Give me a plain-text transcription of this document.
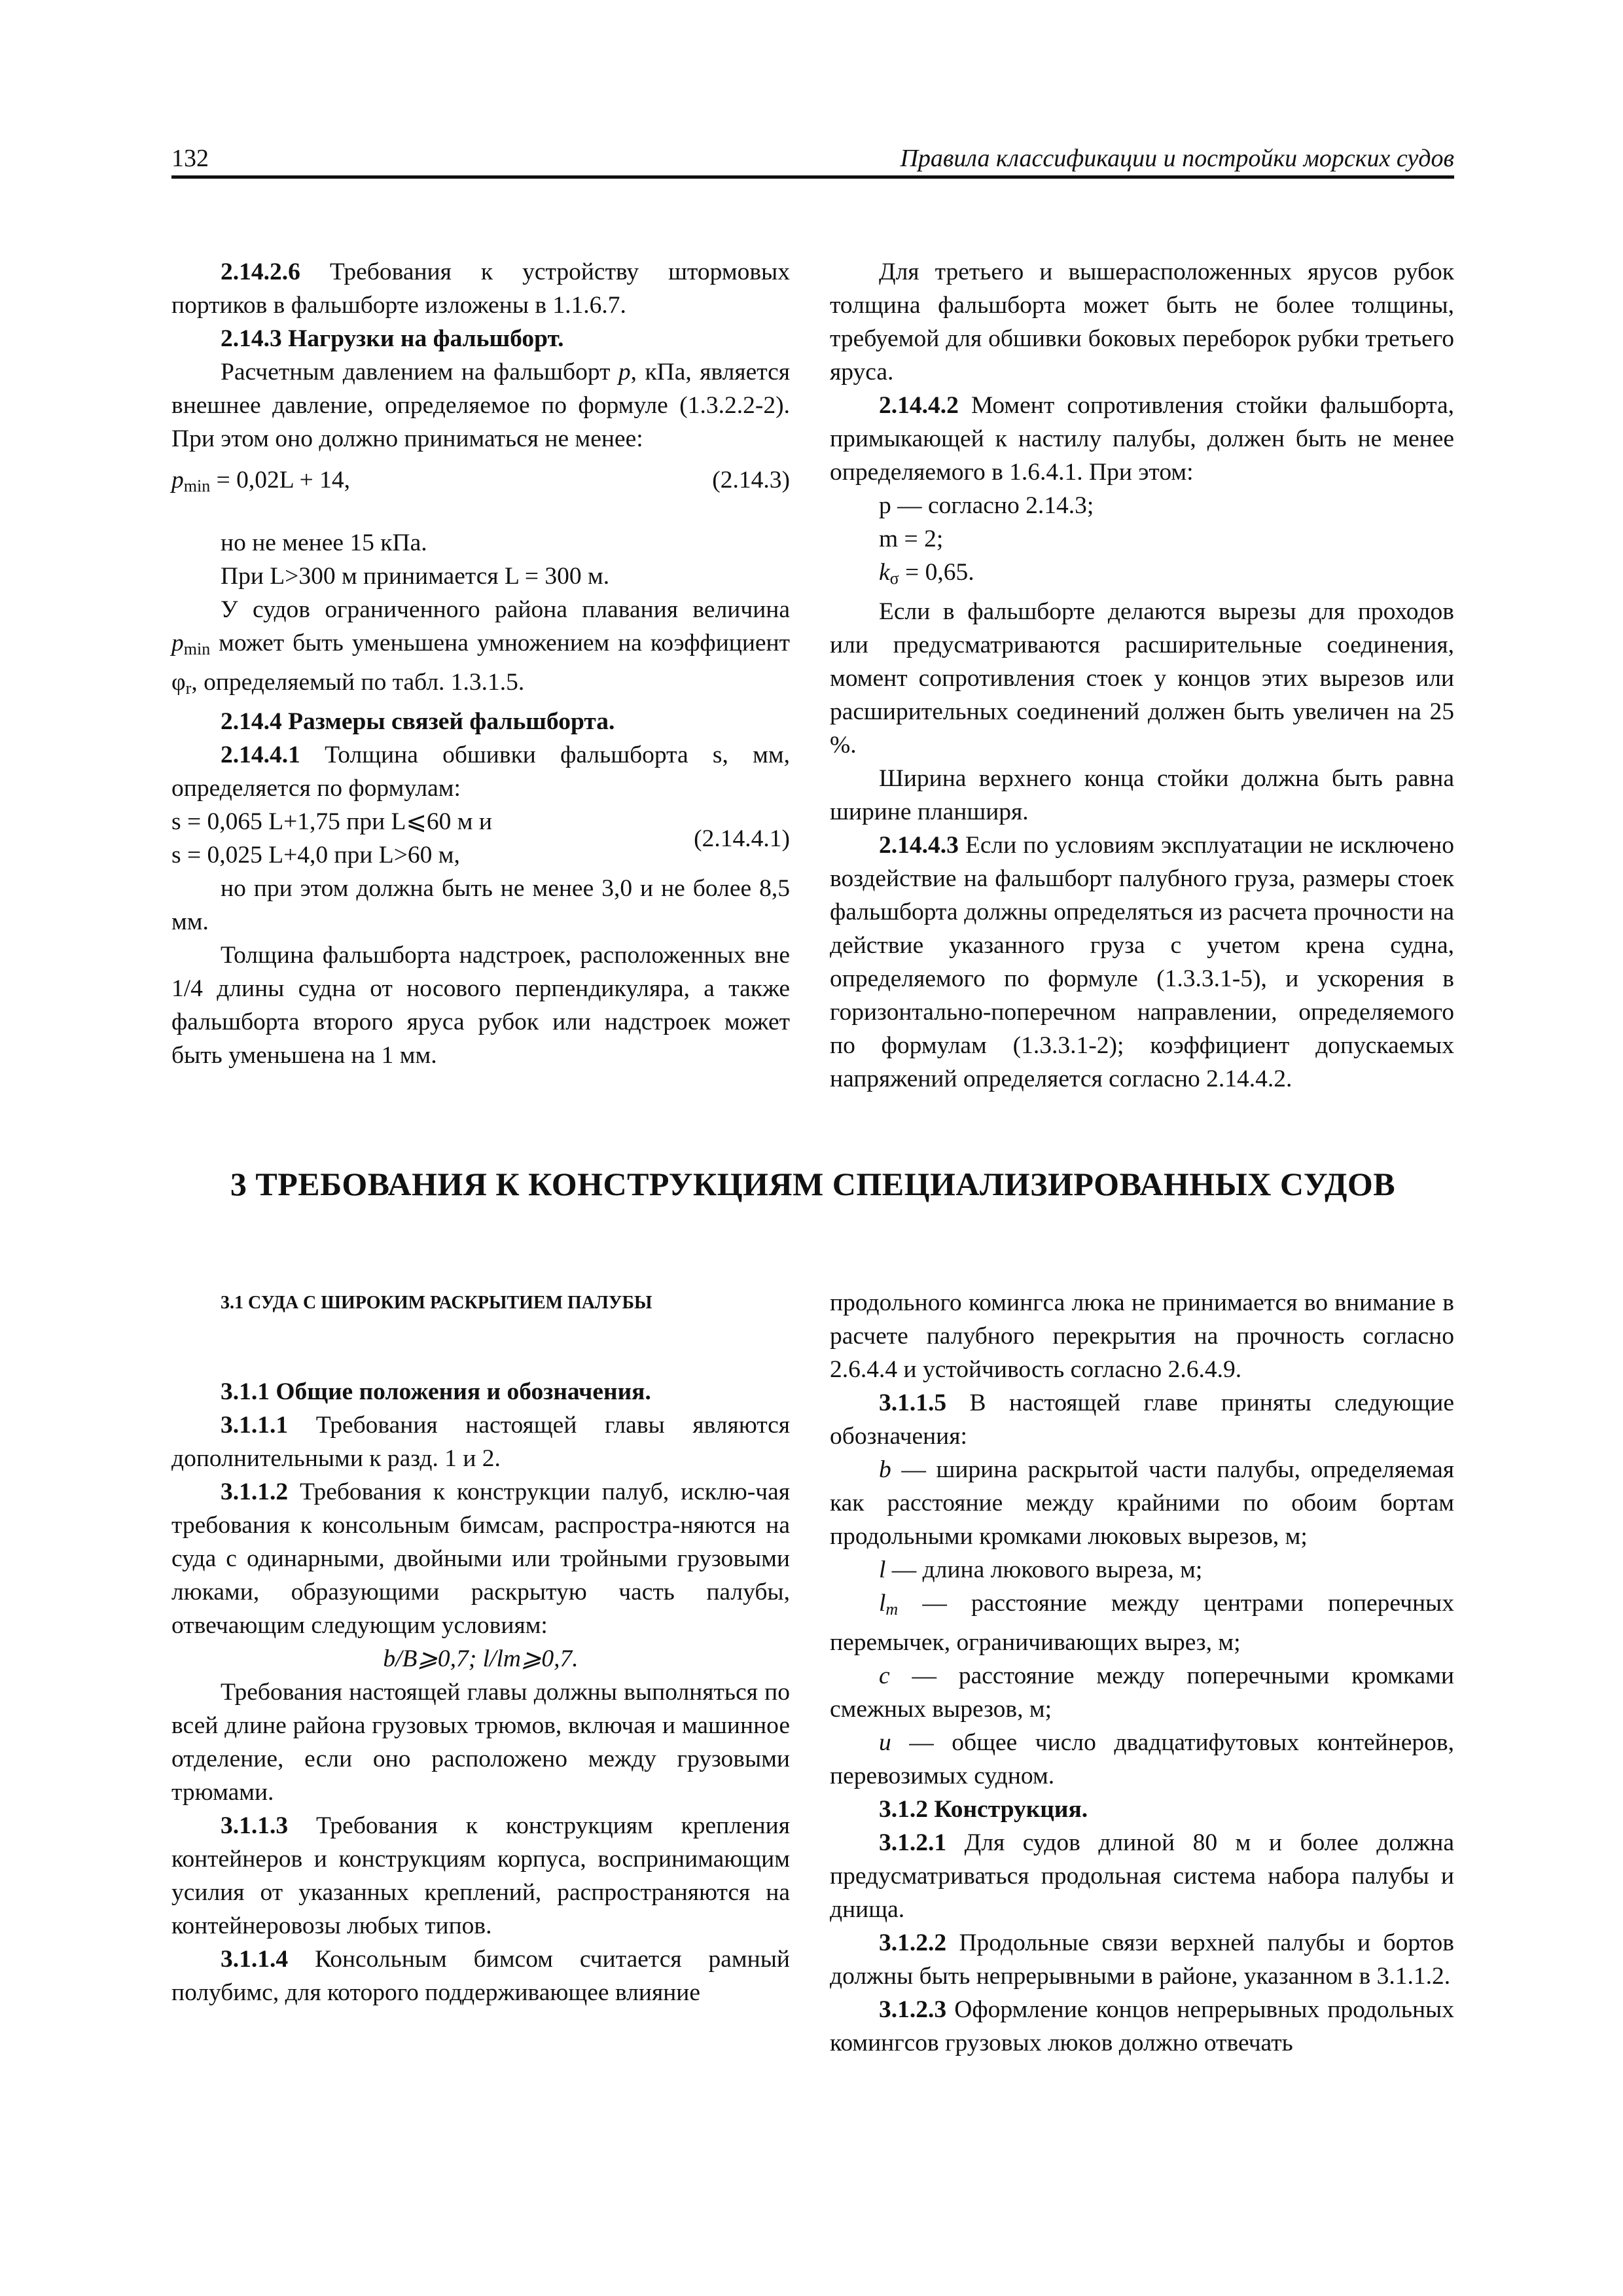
132	Правила классификации и постройки морских судов

2.14.2.6 Требования к устройству штормовых портиков в фальшборте изложены в 1.1.6.7.

2.14.3 Нагрузки на фальшборт.

Расчетным давлением на фальшборт p, кПа, является внешнее давление, определяемое по формуле (1.3.2.2-2). При этом оно должно приниматься не менее:

$p_{min} = 0,02L + 14$,	(2.14.3)

но не менее 15 кПа.

При L>300 м принимается L = 300 м.

У судов ограниченного района плавания величина $p_{min}$ может быть уменьшена умножением на коэффициент $\varphi_r$, определяемый по табл. 1.3.1.5.

2.14.4 Размеры связей фальшборта.

2.14.4.1 Толщина обшивки фальшборта s, мм, определяется по формулам:

s = 0,065 L+1,75 при L⩽60 м и
s = 0,025 L+4,0 при L>60 м,
(2.14.4.1)

но при этом должна быть не менее 3,0 и не более 8,5 мм.

Толщина фальшборта надстроек, расположенных вне 1/4 длины судна от носового перпендикуляра, а также фальшборта второго яруса рубок или надстроек может быть уменьшена на 1 мм.

Для третьего и вышерасположенных ярусов рубок толщина фальшборта может быть не более толщины, требуемой для обшивки боковых переборок рубки третьего яруса.

2.14.4.2 Момент сопротивления стойки фальшборта, примыкающей к настилу палубы, должен быть не менее определяемого в 1.6.4.1. При этом:

p — согласно 2.14.3;

m = 2;

$k_\sigma = 0,65$.

Если в фальшборте делаются вырезы для проходов или предусматриваются расширительные соединения, момент сопротивления стоек у концов этих вырезов или расширительных соединений должен быть увеличен на 25 %.

Ширина верхнего конца стойки должна быть равна ширине планширя.

2.14.4.3 Если по условиям эксплуатации не исключено воздействие на фальшборт палубного груза, размеры стоек фальшборта должны определяться из расчета прочности на действие указанного груза с учетом крена судна, определяемого по формуле (1.3.3.1-5), и ускорения в горизонтально-поперечном направлении, определяемого по формулам (1.3.3.1-2); коэффициент допускаемых напряжений определяется согласно 2.14.4.2.

3 ТРЕБОВАНИЯ К КОНСТРУКЦИЯМ СПЕЦИАЛИЗИРОВАННЫХ СУДОВ

3.1 СУДА С ШИРОКИМ РАСКРЫТИЕМ ПАЛУБЫ

3.1.1 Общие положения и обозначения.

3.1.1.1 Требования настоящей главы являются дополнительными к разд. 1 и 2.

3.1.1.2 Требования к конструкции палуб, исклю-чая требования к консольным бимсам, распростра-няются на суда с одинарными, двойными или тройными грузовыми люками, образующими раскрытую часть палубы, отвечающим следующим условиям:

b/B⩾0,7; l/lm⩾0,7.

Требования настоящей главы должны выполняться по всей длине района грузовых трюмов, включая и машинное отделение, если оно расположено между грузовыми трюмами.

3.1.1.3 Требования к конструкциям крепления контейнеров и конструкциям корпуса, воспринимающим усилия от указанных креплений, распространяются на контейнеровозы любых типов.

3.1.1.4 Консольным бимсом считается рамный полубимс, для которого поддерживающее влияние

продольного комингса люка не принимается во внимание в расчете палубного перекрытия на прочность согласно 2.6.4.4 и устойчивость согласно 2.6.4.9.

3.1.1.5 В настоящей главе приняты следующие обозначения:

b — ширина раскрытой части палубы, определяемая как расстояние между крайними по обоим бортам продольными кромками люковых вырезов, м;

l — длина люкового выреза, м;

$l_m$ — расстояние между центрами поперечных перемычек, ограничивающих вырез, м;

c — расстояние между поперечными кромками смежных вырезов, м;

u — общее число двадцатифутовых контейнеров, перевозимых судном.

3.1.2 Конструкция.

3.1.2.1 Для судов длиной 80 м и более должна предусматриваться продольная система набора палубы и днища.

3.1.2.2 Продольные связи верхней палубы и бортов должны быть непрерывными в районе, указанном в 3.1.1.2.

3.1.2.3 Оформление концов непрерывных продольных комингсов грузовых люков должно отвечать
